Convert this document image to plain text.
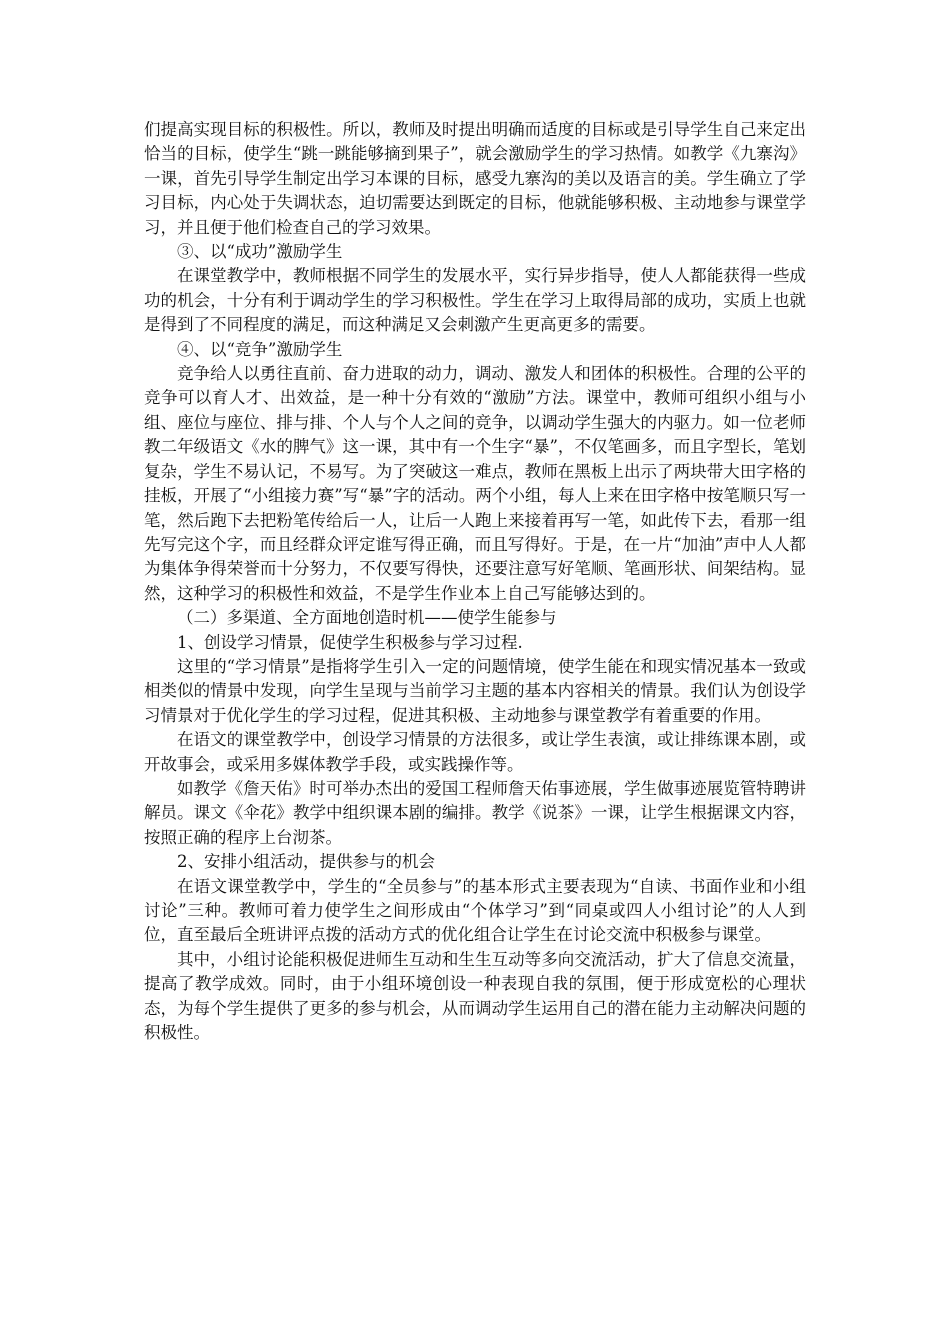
们提高实现目标的积极性。所以，教师及时提出明确而适度的目标或是引导学生自己来定出恰当的目标，使学生“跳一跳能够摘到果子”，就会激励学生的学习热情。如教学《九寨沟》一课，首先引导学生制定出学习本课的目标，感受九寨沟的美以及语言的美。学生确立了学习目标，内心处于失调状态，迫切需要达到既定的目标，他就能够积极、主动地参与课堂学习，并且便于他们检查自己的学习效果。

③、以“成功”激励学生

在课堂教学中，教师根据不同学生的发展水平，实行异步指导，使人人都能获得一些成功的机会，十分有利于调动学生的学习积极性。学生在学习上取得局部的成功，实质上也就是得到了不同程度的满足，而这种满足又会刺激产生更高更多的需要。

④、以“竞争”激励学生

竞争给人以勇往直前、奋力进取的动力，调动、激发人和团体的积极性。合理的公平的竞争可以育人才、出效益，是一种十分有效的“激励”方法。课堂中，教师可组织小组与小组、座位与座位、排与排、个人与个人之间的竞争，以调动学生强大的内驱力。如一位老师教二年级语文《水的脾气》这一课，其中有一个生字“暴”，不仅笔画多，而且字型长，笔划复杂，学生不易认记，不易写。为了突破这一难点，教师在黑板上出示了两块带大田字格的挂板，开展了“小组接力赛”写“暴”字的活动。两个小组，每人上来在田字格中按笔顺只写一笔，然后跑下去把粉笔传给后一人，让后一人跑上来接着再写一笔，如此传下去，看那一组先写完这个字，而且经群众评定谁写得正确，而且写得好。于是，在一片“加油”声中人人都为集体争得荣誉而十分努力，不仅要写得快，还要注意写好笔顺、笔画形状、间架结构。显然，这种学习的积极性和效益，不是学生作业本上自己写能够达到的。

（二）多渠道、全方面地创造时机——使学生能参与

1、创设学习情景，促使学生积极参与学习过程.

这里的“学习情景”是指将学生引入一定的问题情境，使学生能在和现实情况基本一致或相类似的情景中发现，向学生呈现与当前学习主题的基本内容相关的情景。我们认为创设学习情景对于优化学生的学习过程，促进其积极、主动地参与课堂教学有着重要的作用。

在语文的课堂教学中，创设学习情景的方法很多，或让学生表演，或让排练课本剧，或开故事会，或采用多媒体教学手段，或实践操作等。

如教学《詹天佑》时可举办杰出的爱国工程师詹天佑事迹展，学生做事迹展览管特聘讲解员。课文《伞花》教学中组织课本剧的编排。教学《说茶》一课，让学生根据课文内容，按照正确的程序上台沏茶。

2、安排小组活动，提供参与的机会

在语文课堂教学中，学生的“全员参与”的基本形式主要表现为“自读、书面作业和小组讨论”三种。教师可着力使学生之间形成由“个体学习”到“同桌或四人小组讨论”的人人到位，直至最后全班讲评点拨的活动方式的优化组合让学生在讨论交流中积极参与课堂。

其中，小组讨论能积极促进师生互动和生生互动等多向交流活动，扩大了信息交流量，提高了教学成效。同时，由于小组环境创设一种表现自我的氛围，便于形成宽松的心理状态，为每个学生提供了更多的参与机会，从而调动学生运用自己的潜在能力主动解决问题的积极性。
